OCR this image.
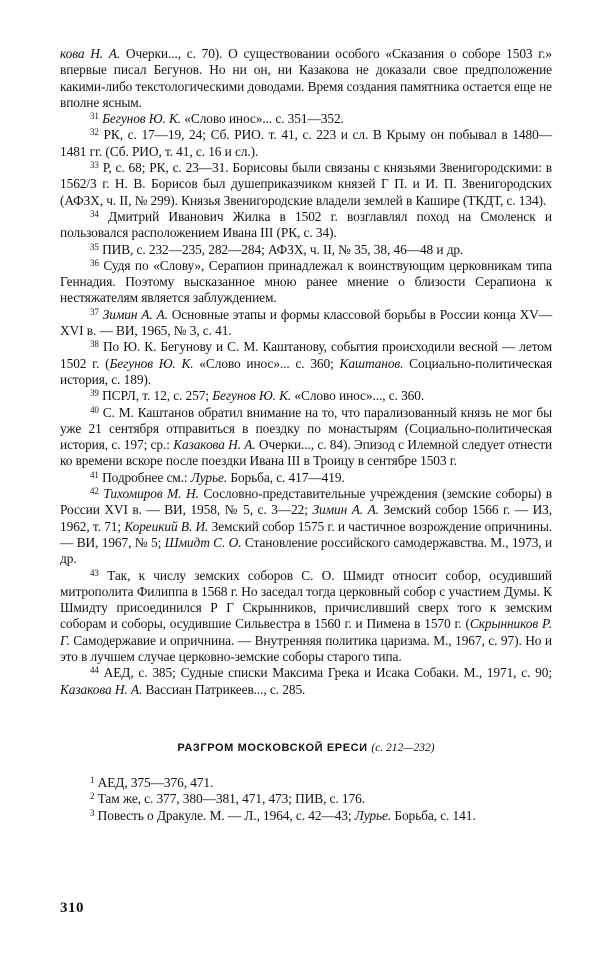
кова Н. А. Очерки..., с. 70). О существовании особого «Сказания о соборе 1503 г.» впервые писал Бегунов. Но ни он, ни Казакова не доказали свое предположение какими-либо текстологическими доводами. Время создания памятника остается еще не вполне ясным.

$^{31}$ Бегунов Ю. К. «Слово инос»... с. 351—352.

$^{32}$ РК, с. 17—19, 24; Сб. РИО. т. 41, с. 223 и сл. В Крыму он побывал в 1480—1481 гг. (Сб. РИО, т. 41, с. 16 и сл.).

$^{33}$ Р, с. 68; РК, с. 23—31. Борисовы были связаны с князьями Звенигородскими: в 1562/3 г. Н. В. Борисов был душеприказчиком князей Г П. и И. П. Звенигородских (АФЗХ, ч. II, № 299). Князья Звенигородские владели землей в Кашире (ТКДТ, с. 134).

$^{34}$ Дмитрий Иванович Жилка в 1502 г. возглавлял поход на Смоленск и пользовался расположением Ивана III (РК, с. 34).

$^{35}$ ПИВ, с. 232—235, 282—284; АФЗХ, ч. II, № 35, 38, 46—48 и др.

$^{36}$ Судя по «Слову», Серапион принадлежал к воинствующим церковникам типа Геннадия. Поэтому высказанное мною ранее мнение о близости Серапиона к нестяжателям является заблуждением.

$^{37}$ Зимин А. А. Основные этапы и формы классовой борьбы в России конца XV—XVI в. — ВИ, 1965, № 3, с. 41.

$^{38}$ По Ю. К. Бегунову и С. М. Каштанову, события происходили весной — летом 1502 г. (Бегунов Ю. К. «Слово инос»... с. 360; Каштанов. Социально-политическая история, с. 189).

$^{39}$ ПСРЛ, т. 12, с. 257; Бегунов Ю. К. «Слово инос»..., с. 360.

$^{40}$ С. М. Каштанов обратил внимание на то, что парализованный князь не мог бы уже 21 сентября отправиться в поездку по монастырям (Социально-политическая история, с. 197; ср.: Казакова Н. А. Очерки..., с. 84). Эпизод с Илемной следует отнести ко времени вскоре после поездки Ивана III в Троицу в сентябре 1503 г.

$^{41}$ Подробнее см.: Лурье. Борьба, с. 417—419.

$^{42}$ Тихомиров М. Н. Сословно-представительные учреждения (земские соборы) в России XVI в. — ВИ, 1958, № 5, с. 3—22; Зимин А. А. Земский собор 1566 г. — ИЗ, 1962, т. 71; Кореикий В. И. Земский собор 1575 г. и частичное возрождение опричнины. — ВИ, 1967, № 5; Шмидт С. О. Становление российского самодержавства. М., 1973, и др.

$^{43}$ Так, к числу земских соборов С. О. Шмидт относит собор, осудивший митрополита Филиппа в 1568 г. Но заседал тогда церковный собор с участием Думы. К Шмидту присоединился Р Г Скрынников, причисливший сверх того к земским соборам и соборы, осудившие Сильвестра в 1560 г. и Пимена в 1570 г. (Скрынников Р. Г. Самодержавие и опричнина. — Внутренняя политика царизма. М., 1967, с. 97). Но и это в лучшем случае церковно-земские соборы старого типа.

$^{44}$ АЕД, с. 385; Судные списки Максима Грека и Исака Собаки. М., 1971, с. 90; Казакова Н. А. Вассиан Патрикеев..., с. 285.

РАЗГРОМ МОСКОВСКОЙ ЕРЕСИ (с. 212—232)

$^1$ АЕД, 375—376, 471.

$^2$ Там же, с. 377, 380—381, 471, 473; ПИВ, с. 176.

$^3$ Повесть о Дракуле. М. — Л., 1964, с. 42—43; Лурье. Борьба, с. 141.

310
